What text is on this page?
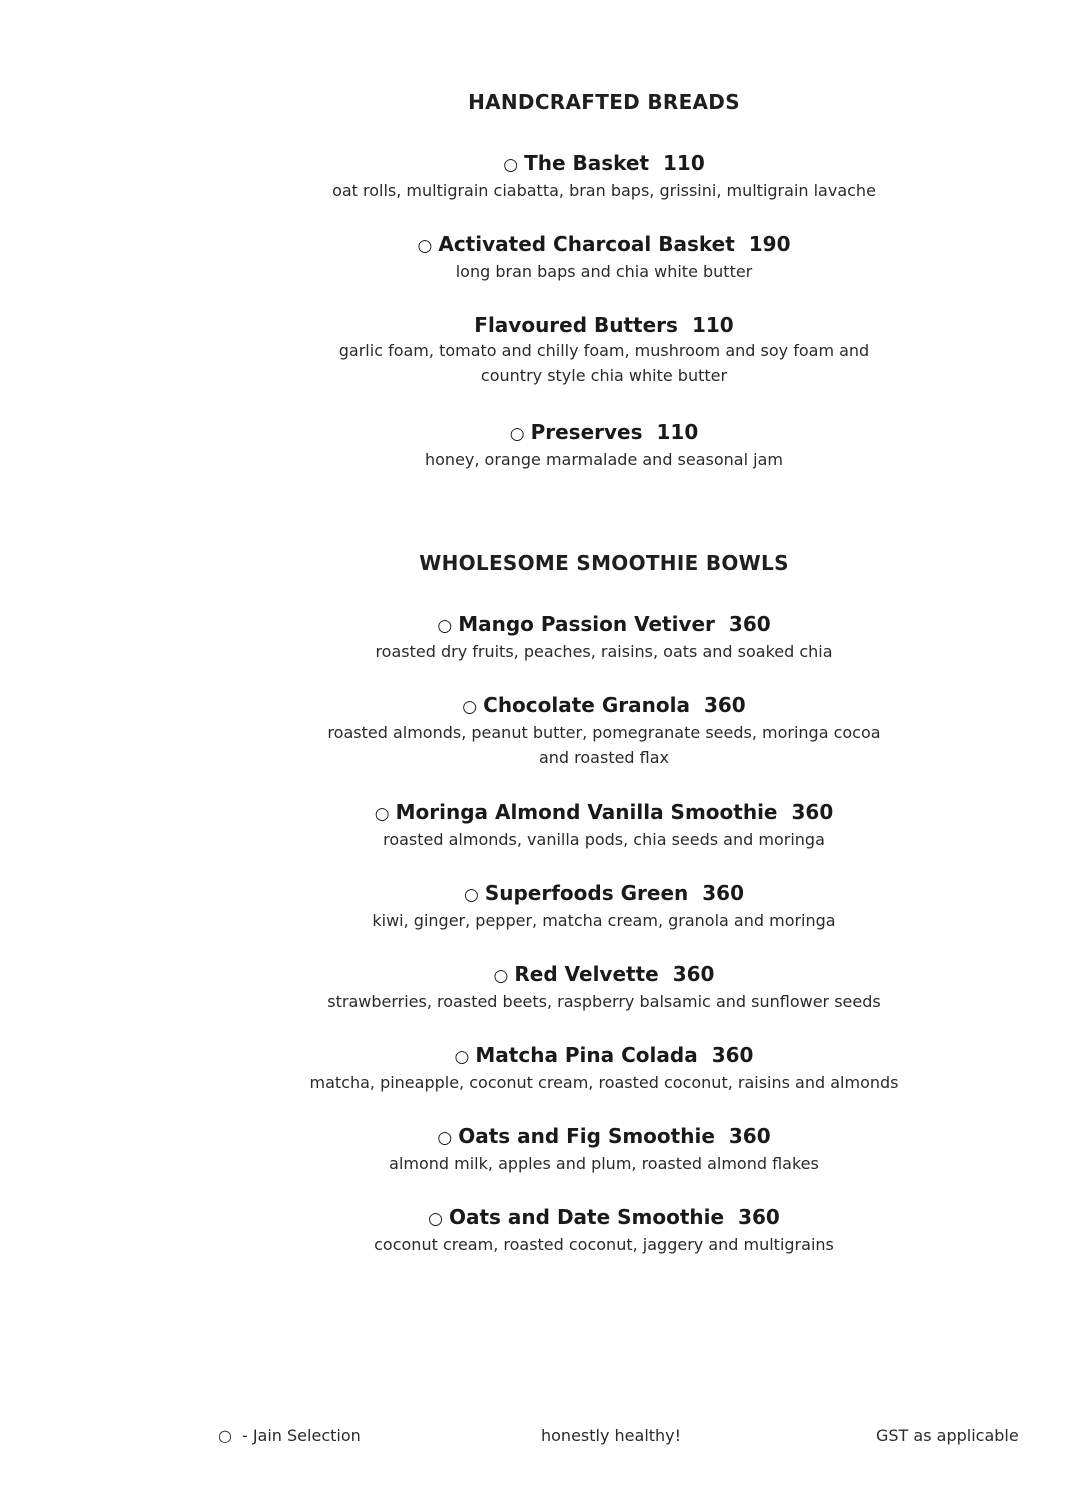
HANDCRAFTED BREADS
○ The Basket 110
oat rolls, multigrain ciabatta, bran baps, grissini, multigrain lavache
○ Activated Charcoal Basket 190
long bran baps and chia white butter
Flavoured Butters 110
garlic foam, tomato and chilly foam, mushroom and soy foam and country style chia white butter
○ Preserves 110
honey, orange marmalade and seasonal jam
WHOLESOME SMOOTHIE BOWLS
○ Mango Passion Vetiver 360
roasted dry fruits, peaches, raisins, oats and soaked chia
○ Chocolate Granola 360
roasted almonds, peanut butter, pomegranate seeds, moringa cocoa and roasted flax
○ Moringa Almond Vanilla Smoothie 360
roasted almonds, vanilla pods, chia seeds and moringa
○ Superfoods Green 360
kiwi, ginger, pepper, matcha cream, granola and moringa
○ Red Velvette 360
strawberries, roasted beets, raspberry balsamic and sunflower seeds
○ Matcha Pina Colada 360
matcha, pineapple, coconut cream, roasted coconut, raisins and almonds
○ Oats and Fig Smoothie 360
almond milk, apples and plum, roasted almond flakes
○ Oats and Date Smoothie 360
coconut cream, roasted coconut, jaggery and multigrains
○ - Jain Selection	honestly healthy!	GST as applicable
